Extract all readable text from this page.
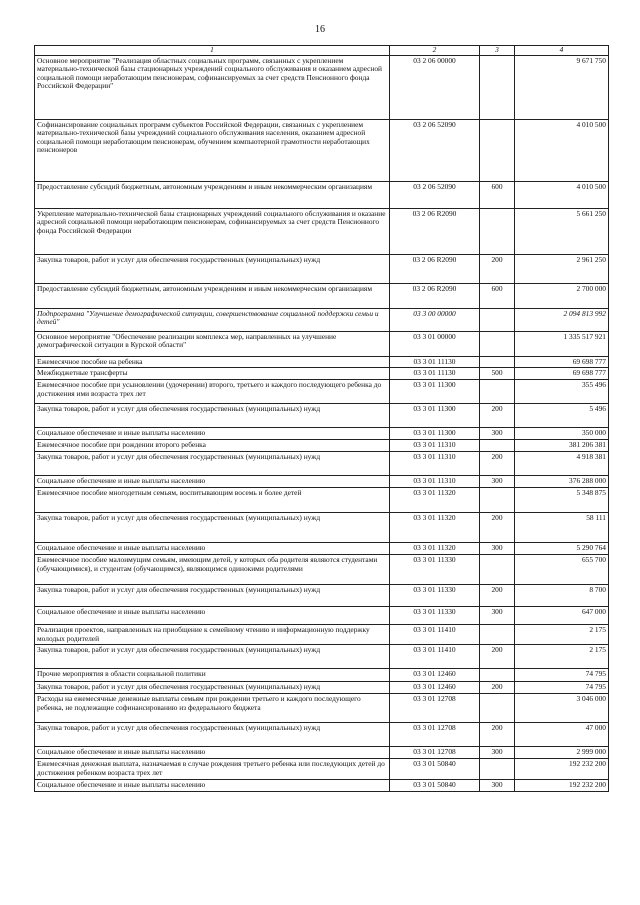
16
1	2	3	4
Основное мероприятие "Реализация областных социальных программ, связанных с укреплением материально-технической базы стационарных учреждений социального обслуживания и оказанием адресной социальной помощи неработающим пенсионерам, софинансируемых за счет средств Пенсионного фонда Российской Федерации"	03 2 06 00000		9 671 750
Софинансирование социальных программ субъектов Российской Федерации, связанных с укреплением материально-технической базы учреждений социального обслуживания населения, оказанием адресной социальной помощи неработающим пенсионерам, обучением компьютерной грамотности неработающих пенсионеров	03 2 06 52090		4 010 500
Предоставление субсидий бюджетным, автономным учреждениям и иным некоммерческим организациям	03 2 06 52090	600	4 010 500
Укрепление материально-технической базы стационарных учреждений социального обслуживания и оказание адресной социальной помощи неработающим пенсионерам, софинансируемых за счет средств Пенсионного фонда Российской Федерации	03 2 06 R2090		5 661 250
Закупка товаров, работ и услуг для обеспечения государственных (муниципальных) нужд	03 2 06 R2090	200	2 961 250
Предоставление субсидий бюджетным, автономным учреждениям и иным некоммерческим организациям	03 2 06 R2090	600	2 700 000
Подпрограмма "Улучшение демографической ситуации, совершенствование социальной поддержки семьи и детей"	03 3 00 00000		2 094 813 992
Основное мероприятие "Обеспечение реализации комплекса мер, направленных на улучшение демографической ситуации в Курской области"	03 3 01 00000		1 335 517 921
Ежемесячное пособие на ребенка	03 3 01 11130		69 698 777
Межбюджетные трансферты	03 3 01 11130	500	69 698 777
Ежемесячное пособие при усыновлении (удочерении) второго, третьего и каждого последующего ребенка до достижения ими возраста трех лет	03 3 01 11300		355 496
Закупка товаров, работ и услуг для обеспечения государственных (муниципальных) нужд	03 3 01 11300	200	5 496
Социальное обеспечение и иные выплаты населению	03 3 01 11300	300	350 000
Ежемесячное пособие при рождении второго ребенка	03 3 01 11310		381 206 381
Закупка товаров, работ и услуг для обеспечения государственных (муниципальных) нужд	03 3 01 11310	200	4 918 381
Социальное обеспечение и иные выплаты населению	03 3 01 11310	300	376 288 000
Ежемесячное пособие многодетным семьям, воспитывающим восемь и более детей	03 3 01 11320		5 348 875
Закупка товаров, работ и услуг для обеспечения государственных (муниципальных) нужд	03 3 01 11320	200	58 111
Социальное обеспечение и иные выплаты населению	03 3 01 11320	300	5 290 764
Ежемесячное пособие малоимущим семьям, имеющим детей, у которых оба родителя являются студентами (обучающимися), и студентам (обучающимся), являющимся одинокими родителями	03 3 01 11330		655 700
Закупка товаров, работ и услуг для обеспечения государственных (муниципальных) нужд	03 3 01 11330	200	8 700
Социальное обеспечение и иные выплаты населению	03 3 01 11330	300	647 000
Реализация проектов, направленных на приобщение к семейному чтению и информационную поддержку молодых родителей	03 3 01 11410		2 175
Закупка товаров, работ и услуг для обеспечения государственных (муниципальных) нужд	03 3 01 11410	200	2 175
Прочие мероприятия в области социальной политики	03 3 01 12460		74 795
Закупка товаров, работ и услуг для обеспечения государственных (муниципальных) нужд	03 3 01 12460	200	74 795
Расходы на ежемесячные денежные выплаты семьям при рождении третьего и каждого последующего ребенка, не подлежащие софинансированию из федерального бюджета	03 3 01 12708		3 046 000
Закупка товаров, работ и услуг для обеспечения государственных (муниципальных) нужд	03 3 01 12708	200	47 000
Социальное обеспечение и иные выплаты населению	03 3 01 12708	300	2 999 000
Ежемесячная денежная выплата, назначаемая в случае рождения третьего ребенка или последующих детей до достижения ребенком возраста трех лет	03 3 01 50840		192 232 200
Социальное обеспечение и иные выплаты населению	03 3 01 50840	300	192 232 200
